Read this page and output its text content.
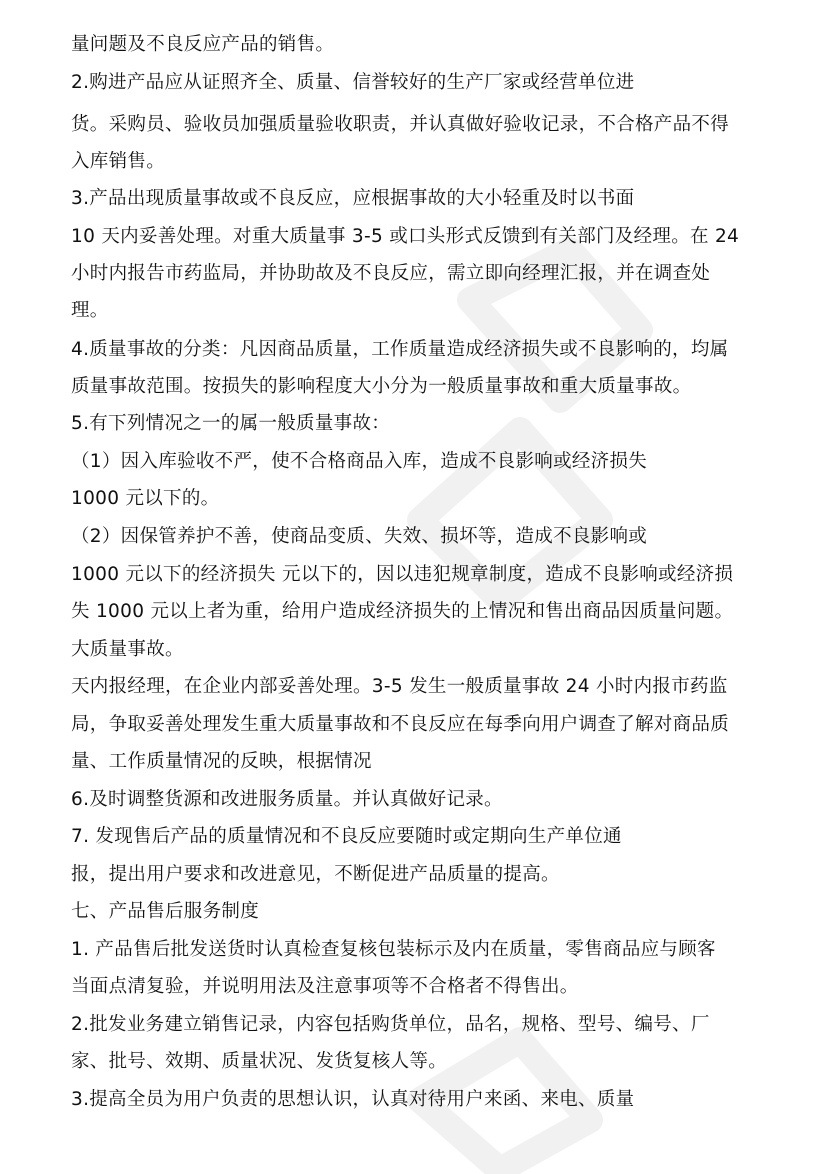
量问题及不良反应产品的销售。
2.购进产品应从证照齐全、质量、信誉较好的生产厂家或经营单位进
货。采购员、验收员加强质量验收职责，并认真做好验收记录，不合格产品不得
入库销售。
3.产品出现质量事故或不良反应，应根据事故的大小轻重及时以书面
10 天内妥善处理。对重大质量事 3-5 或口头形式反馈到有关部门及经理。在 24
小时内报告市药监局，并协助故及不良反应，需立即向经理汇报，并在调查处
理。
4.质量事故的分类：凡因商品质量，工作质量造成经济损失或不良影响的，均属
质量事故范围。按损失的影响程度大小分为一般质量事故和重大质量事故。
5.有下列情况之一的属一般质量事故：
（1）因入库验收不严，使不合格商品入库，造成不良影响或经济损失
1000 元以下的。
（2）因保管养护不善，使商品变质、失效、损坏等，造成不良影响或
1000 元以下的经济损失 元以下的，因以违犯规章制度，造成不良影响或经济损
失 1000 元以上者为重，给用户造成经济损失的上情况和售出商品因质量问题。
大质量事故。
天内报经理，在企业内部妥善处理。3-5 发生一般质量事故 24 小时内报市药监
局，争取妥善处理发生重大质量事故和不良反应在每季向用户调查了解对商品质
量、工作质量情况的反映，根据情况
6.及时调整货源和改进服务质量。并认真做好记录。
7. 发现售后产品的质量情况和不良反应要随时或定期向生产单位通
报，提出用户要求和改进意见，不断促进产品质量的提高。
七、产品售后服务制度
1. 产品售后批发送货时认真检查复核包装标示及内在质量，零售商品应与顾客
当面点清复验，并说明用法及注意事项等不合格者不得售出。
2.批发业务建立销售记录，内容包括购货单位，品名，规格、型号、编号、厂
家、批号、效期、质量状况、发货复核人等。
3.提高全员为用户负责的思想认识，认真对待用户来函、来电、质量
